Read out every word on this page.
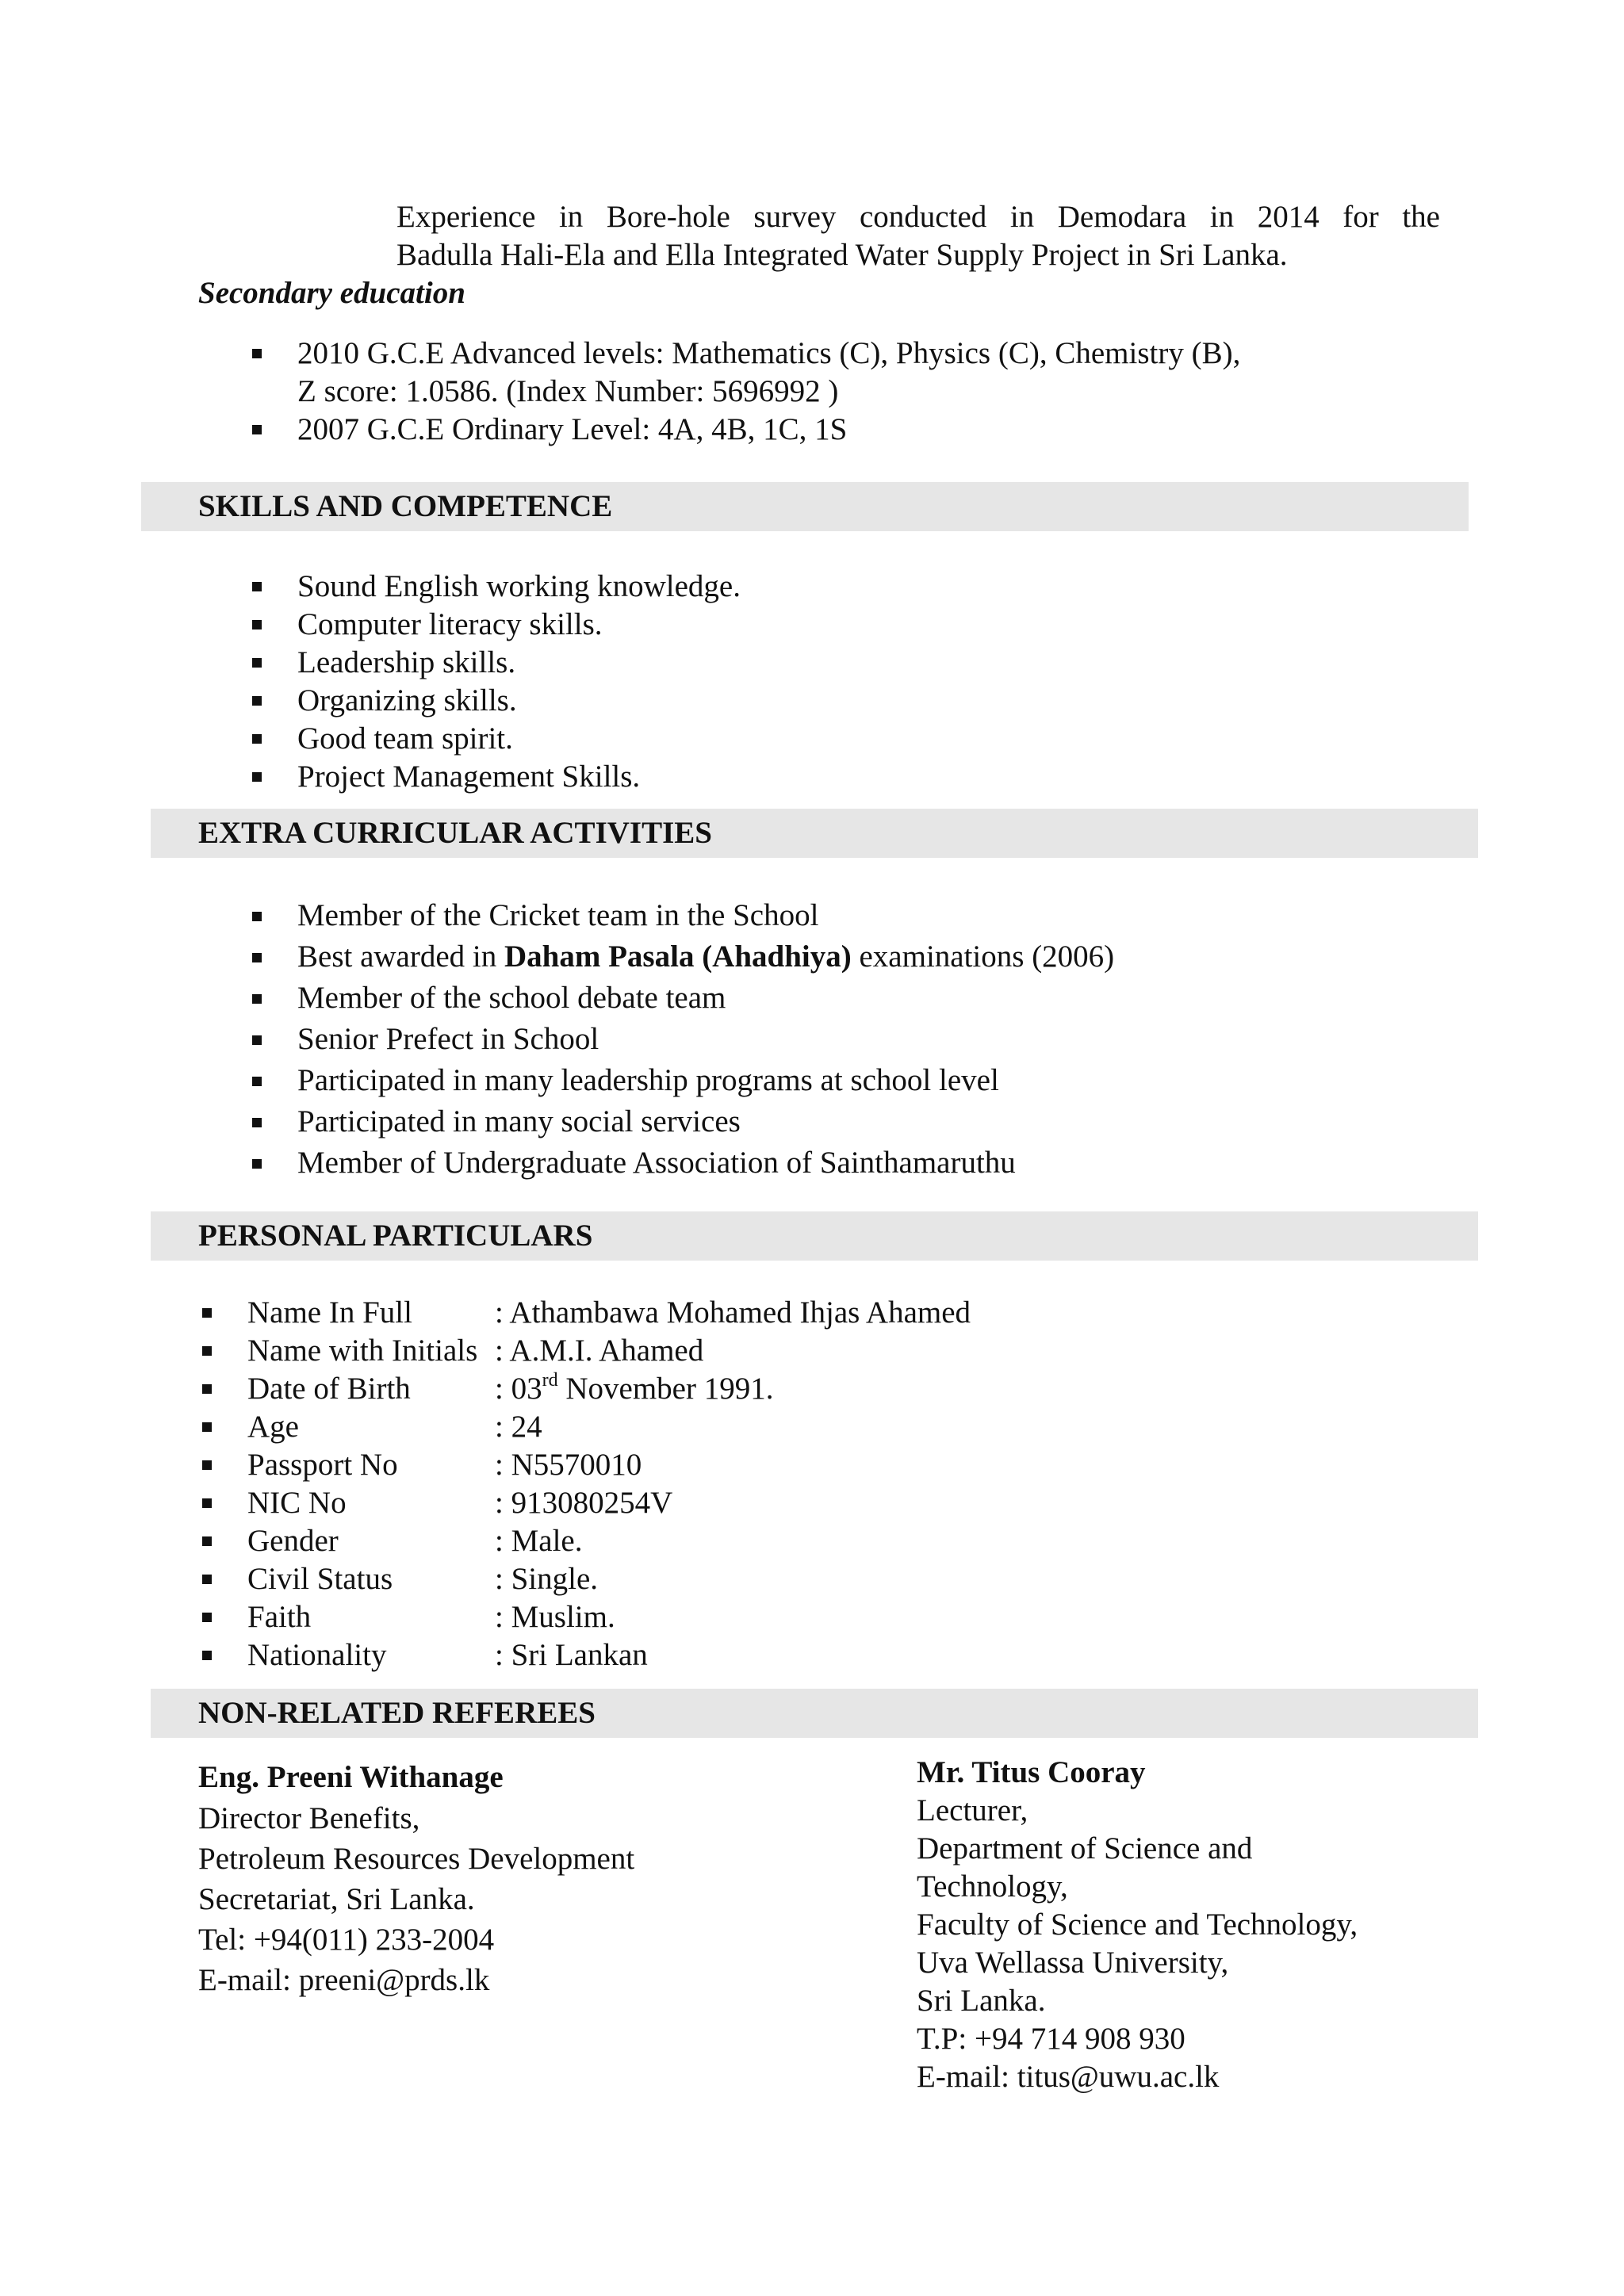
Experience in Bore-hole survey conducted in Demodara in 2014 for the
Badulla Hali-Ela and Ella Integrated Water Supply Project in Sri Lanka.
Secondary education
2010 G.C.E Advanced levels: Mathematics (C), Physics (C), Chemistry (B),
Z score: 1.0586. (Index Number: 5696992 )
2007 G.C.E Ordinary Level: 4A, 4B, 1C, 1S
SKILLS AND COMPETENCE
Sound English working knowledge.
Computer literacy skills.
Leadership skills.
Organizing skills.
Good team spirit.
Project Management Skills.
EXTRA CURRICULAR ACTIVITIES
Member of the Cricket team in the School
Best awarded in Daham Pasala (Ahadhiya) examinations (2006)
Member of the school debate team
Senior Prefect in School
Participated in many leadership programs at school level
Participated in many social services
Member of Undergraduate Association of Sainthamaruthu
PERSONAL PARTICULARS
Name In Full	: Athambawa Mohamed Ihjas Ahamed
Name with Initials : A.M.I. Ahamed
Date of Birth	: 03rd November 1991.
Age	: 24
Passport No	: N5570010
NIC No	: 913080254V
Gender	: Male.
Civil Status	: Single.
Faith	: Muslim.
Nationality	: Sri Lankan
NON-RELATED REFEREES
Eng. Preeni Withanage
Director Benefits,
Petroleum Resources Development
Secretariat, Sri Lanka.
Tel: +94(011) 233-2004
E-mail: preeni@prds.lk
Mr. Titus Cooray
Lecturer,
Department of Science and
Technology,
Faculty of Science and Technology,
Uva Wellassa University,
Sri Lanka.
T.P: +94 714 908 930
E-mail: titus@uwu.ac.lk
